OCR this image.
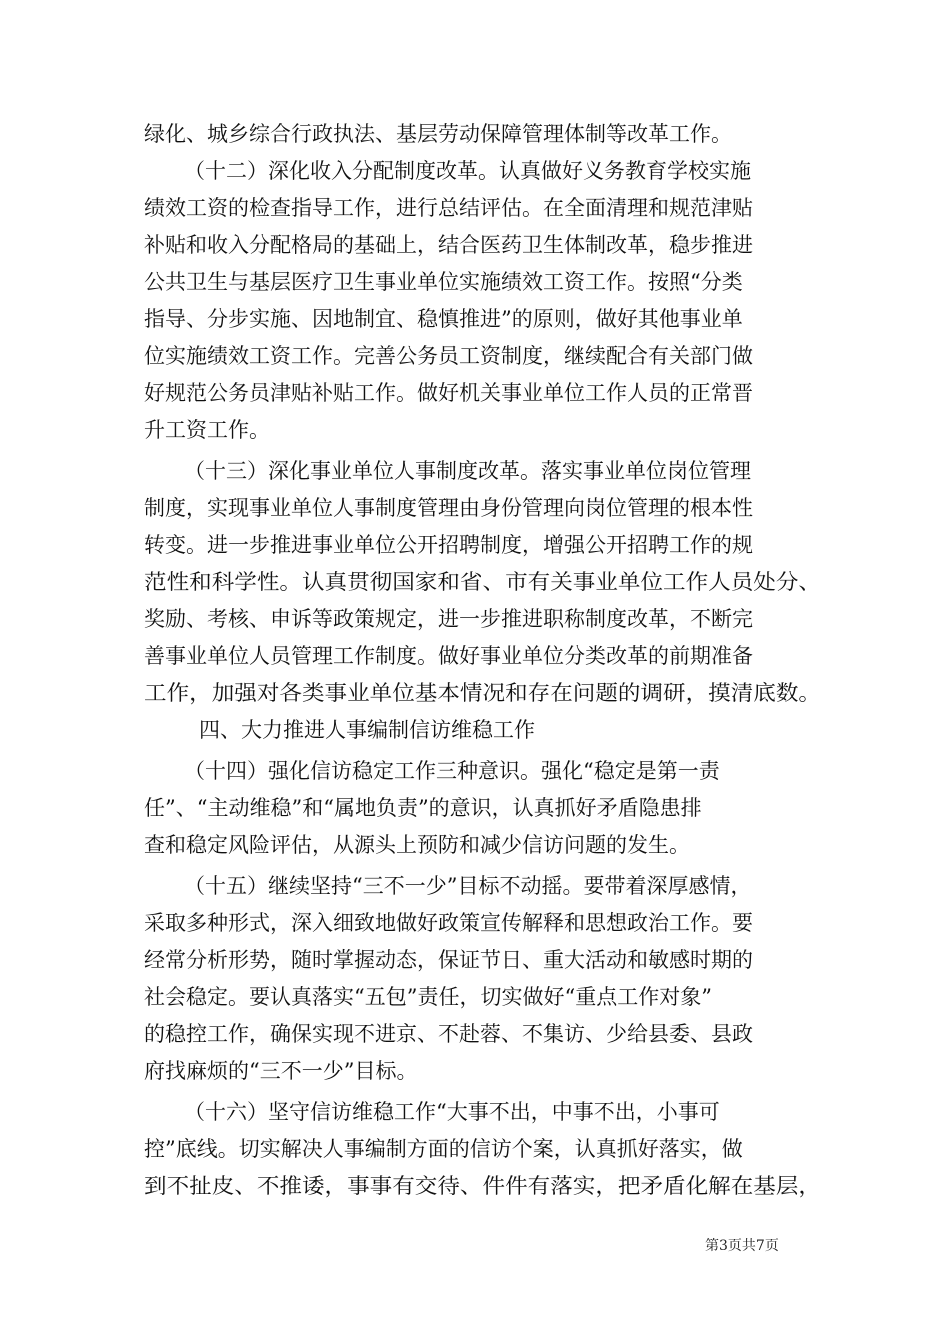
绿化、城乡综合行政执法、基层劳动保障管理体制等改革工作。
（十二）深化收入分配制度改革。认真做好义务教育学校实施
绩效工资的检查指导工作，进行总结评估。在全面清理和规范津贴
补贴和收入分配格局的基础上，结合医药卫生体制改革，稳步推进
公共卫生与基层医疗卫生事业单位实施绩效工资工作。按照“分类
指导、分步实施、因地制宜、稳慎推进”的原则，做好其他事业单
位实施绩效工资工作。完善公务员工资制度，继续配合有关部门做
好规范公务员津贴补贴工作。做好机关事业单位工作人员的正常晋
升工资工作。
（十三）深化事业单位人事制度改革。落实事业单位岗位管理
制度，实现事业单位人事制度管理由身份管理向岗位管理的根本性
转变。进一步推进事业单位公开招聘制度，增强公开招聘工作的规
范性和科学性。认真贯彻国家和省、市有关事业单位工作人员处分、
奖励、考核、申诉等政策规定，进一步推进职称制度改革，不断完
善事业单位人员管理工作制度。做好事业单位分类改革的前期准备
工作，加强对各类事业单位基本情况和存在问题的调研，摸清底数。
四、大力推进人事编制信访维稳工作
（十四）强化信访稳定工作三种意识。强化“稳定是第一责
任”、“主动维稳”和“属地负责”的意识，认真抓好矛盾隐患排
查和稳定风险评估，从源头上预防和减少信访问题的发生。
（十五）继续坚持“三不一少”目标不动摇。要带着深厚感情，
采取多种形式，深入细致地做好政策宣传解释和思想政治工作。要
经常分析形势，随时掌握动态，保证节日、重大活动和敏感时期的
社会稳定。要认真落实“五包”责任，切实做好“重点工作对象”
的稳控工作，确保实现不进京、不赴蓉、不集访、少给县委、县政
府找麻烦的“三不一少”目标。
（十六）坚守信访维稳工作“大事不出，中事不出，小事可
控”底线。切实解决人事编制方面的信访个案，认真抓好落实，做
到不扯皮、不推诿，事事有交待、件件有落实，把矛盾化解在基层，
第3页共7页
